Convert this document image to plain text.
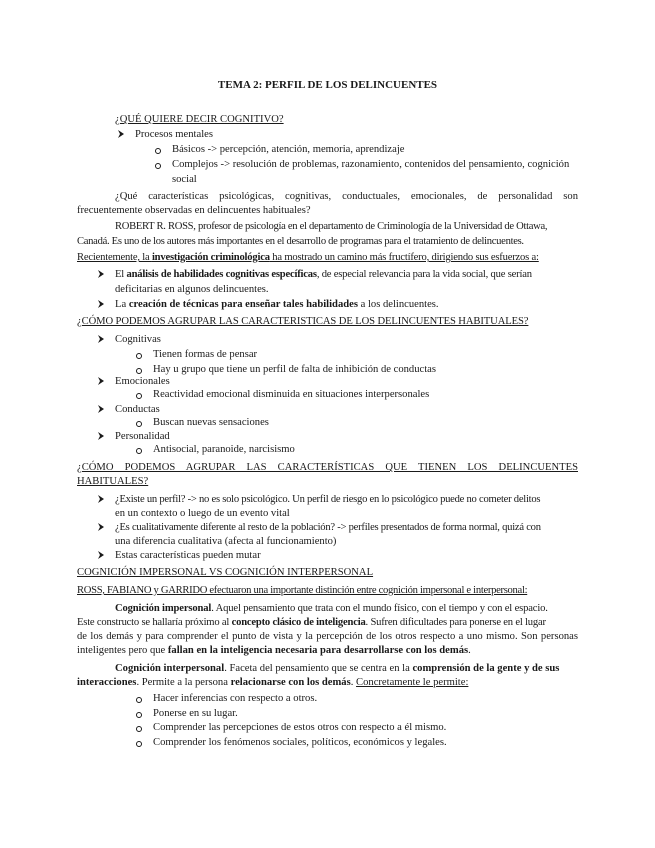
TEMA 2: PERFIL DE LOS DELINCUENTES
¿QUÉ QUIERE DECIR COGNITIVO?
Procesos mentales
Básicos -> percepción, atención, memoria, aprendizaje
Complejos -> resolución de problemas, razonamiento, contenidos del pensamiento, cognición
social
¿Qué características psicológicas, cognitivas, conductuales, emocionales, de personalidad son
frecuentemente observadas en delincuentes habituales?
ROBERT R. ROSS, profesor de psicología en el departamento de Criminología de la Universidad de Ottawa,
Canadá. Es uno de los autores más importantes en el desarrollo de programas para el tratamiento de delincuentes.
Recientemente, la investigación criminológica ha mostrado un camino más fructífero, dirigiendo sus esfuerzos a:
El análisis de habilidades cognitivas específicas, de especial relevancia para la vida social, que serían
deficitarias en algunos delincuentes.
La creación de técnicas para enseñar tales habilidades a los delincuentes.
¿CÓMO PODEMOS AGRUPAR LAS CARACTERISTICAS DE LOS DELINCUENTES HABITUALES?
Cognitivas
Tienen formas de pensar
Hay u grupo que tiene un perfil de falta de inhibición de conductas
Emocionales
Reactividad emocional disminuida en situaciones interpersonales
Conductas
Buscan nuevas sensaciones
Personalidad
Antisocial, paranoide, narcisismo
¿CÓMO PODEMOS AGRUPAR LAS CARACTERÍSTICAS QUE TIENEN LOS DELINCUENTES
HABITUALES?
¿Existe un perfil? -> no es solo psicológico. Un perfil de riesgo en lo psicológico puede no cometer delitos
en un contexto o luego de un evento vital
¿Es cualitativamente diferente al resto de la población? -> perfiles presentados de forma normal, quizá con
una diferencia cualitativa (afecta al funcionamiento)
Estas características pueden mutar
COGNICIÓN IMPERSONAL VS COGNICIÓN INTERPERSONAL
ROSS, FABIANO y GARRIDO efectuaron una importante distinción entre cognición impersonal e interpersonal:
Cognición impersonal. Aquel pensamiento que trata con el mundo físico, con el tiempo y con el espacio.
Este constructo se hallaría próximo al concepto clásico de inteligencia. Sufren dificultades para ponerse en el lugar
de los demás y para comprender el punto de vista y la percepción de los otros respecto a uno mismo. Son personas
inteligentes pero que fallan en la inteligencia necesaria para desarrollarse con los demás.
Cognición interpersonal. Faceta del pensamiento que se centra en la comprensión de la gente y de sus
interacciones. Permite a la persona relacionarse con los demás. Concretamente le permite:
Hacer inferencias con respecto a otros.
Ponerse en su lugar.
Comprender las percepciones de estos otros con respecto a él mismo.
Comprender los fenómenos sociales, políticos, económicos y legales.
